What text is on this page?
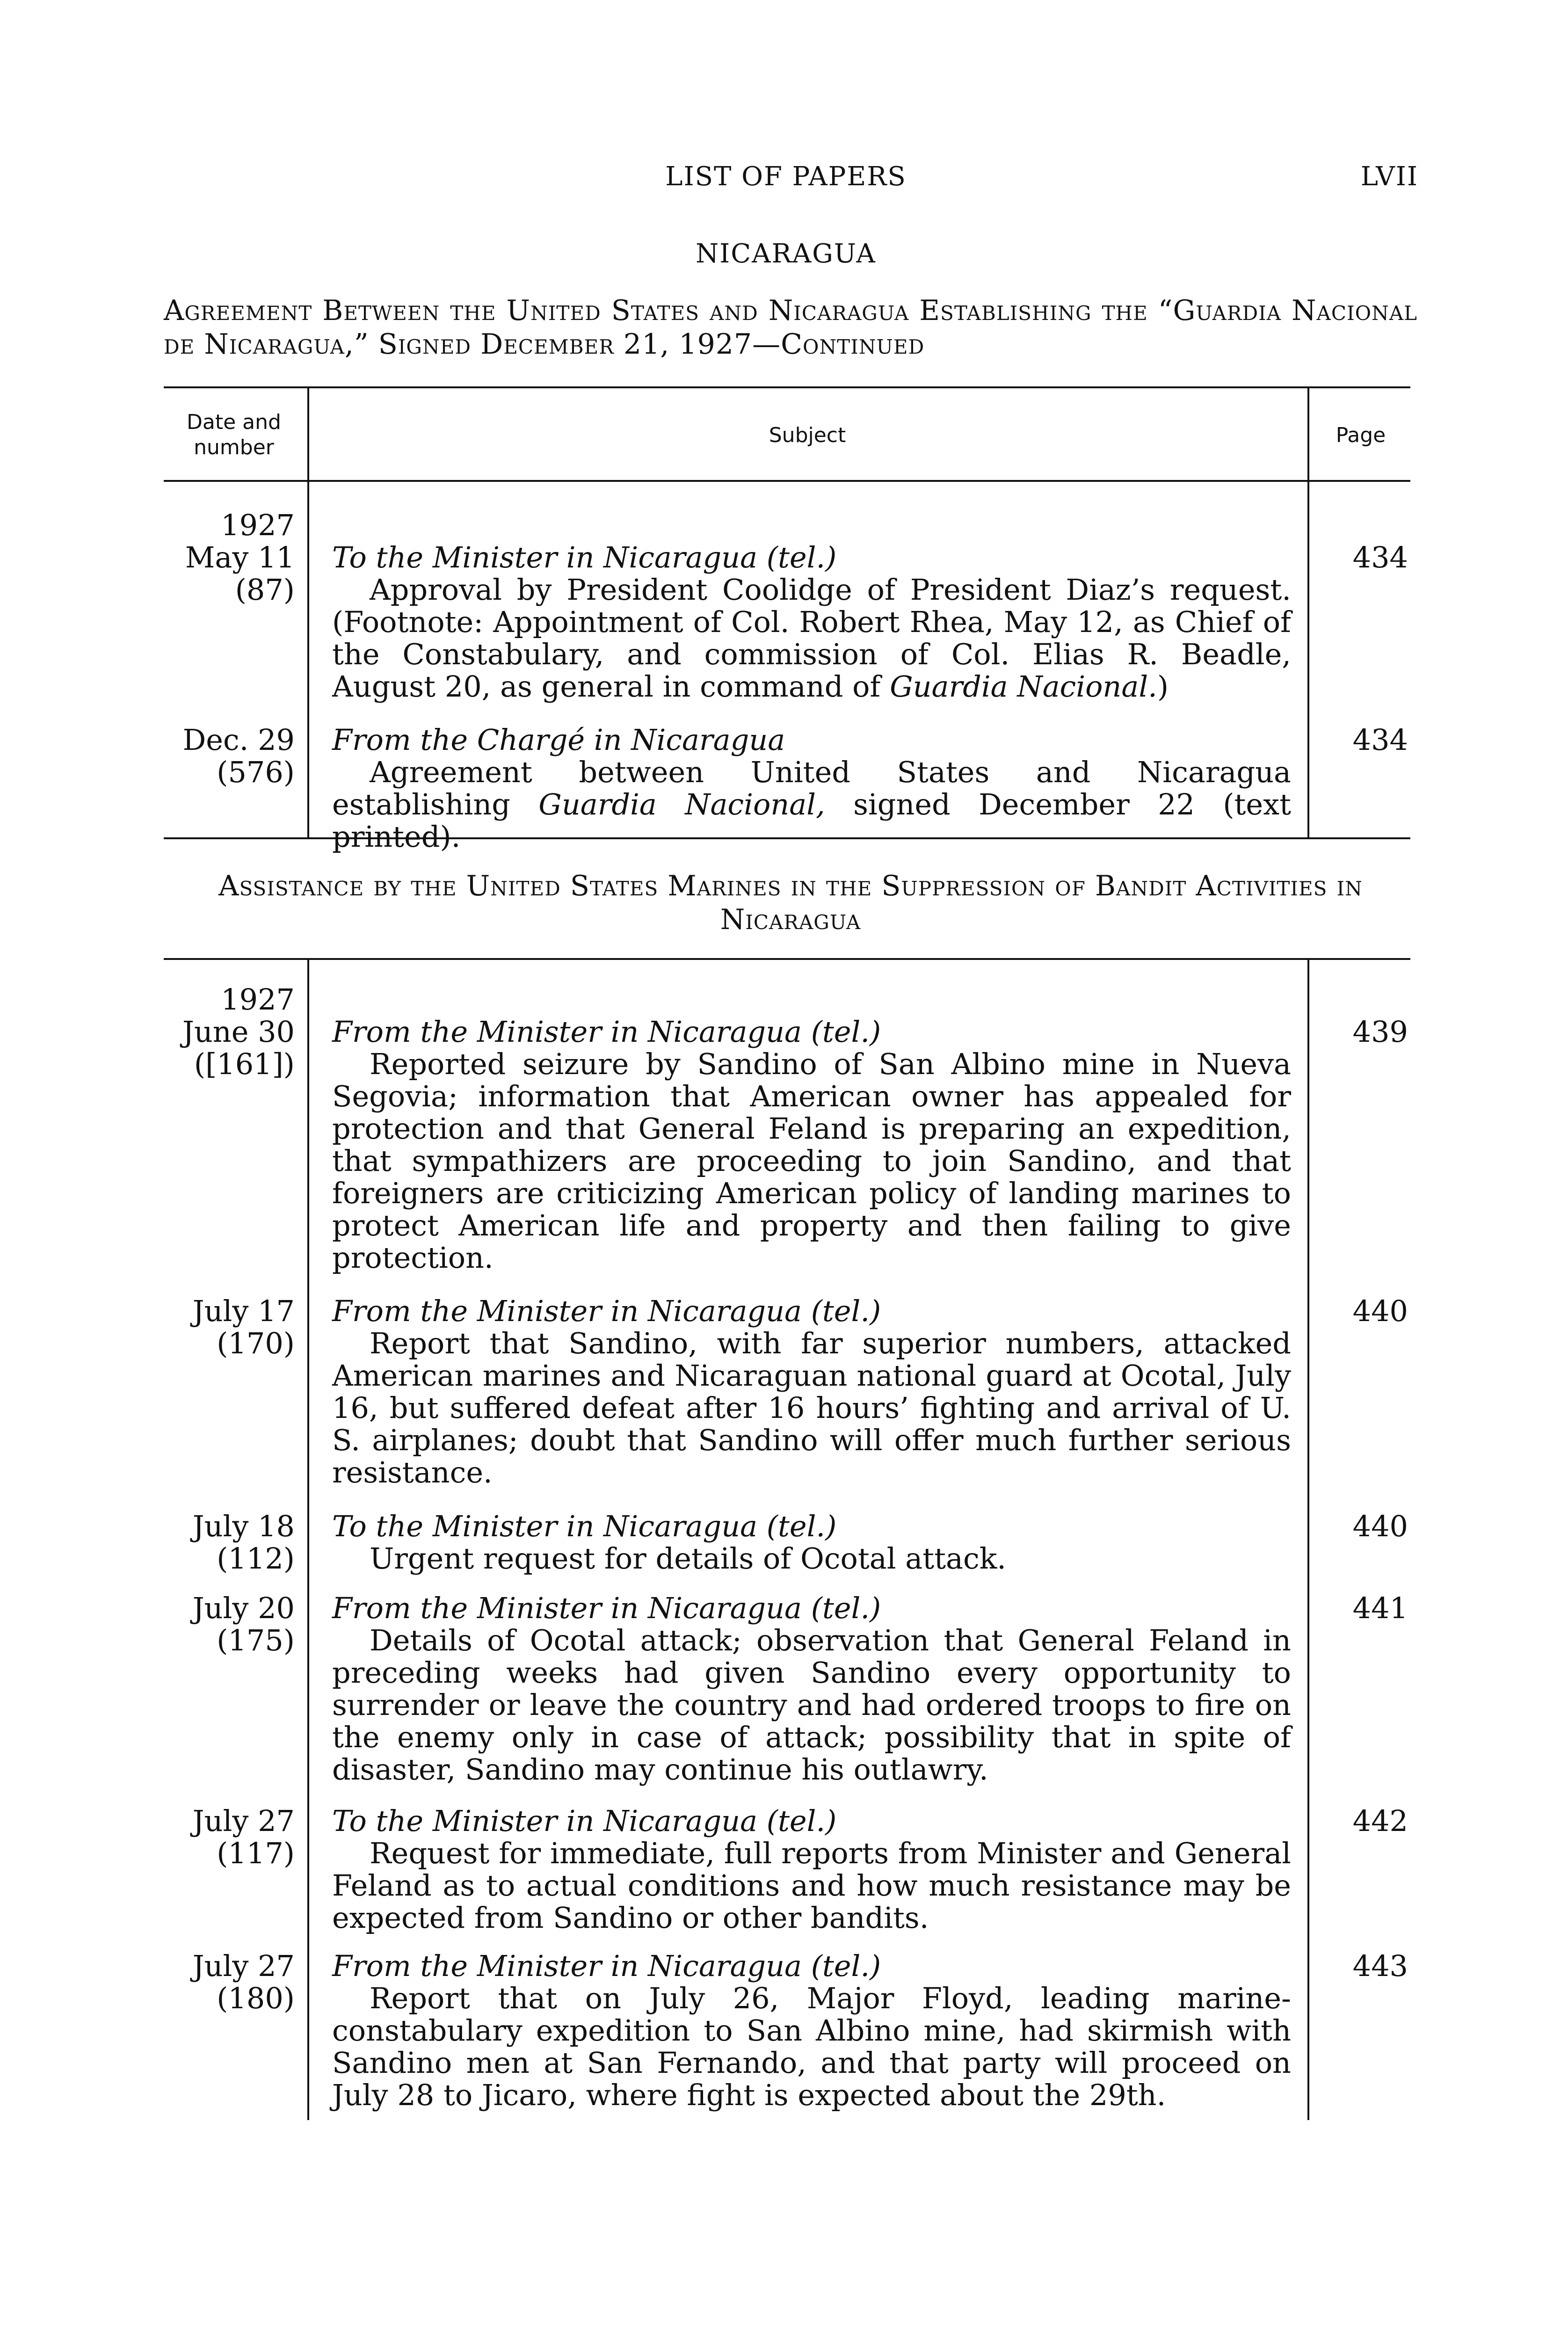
LIST OF PAPERS	LVII
NICARAGUA
Agreement Between the United States and Nicaragua Establishing the “Guardia Nacional de Nicaragua,” Signed December 21, 1927—Continued
Date and number
Subject	Page
1927
May 11
(87)
To the Minister in Nicaragua (tel.)
Approval by President Coolidge of President Diaz’s request. (Footnote: Appointment of Col. Robert Rhea, May 12, as Chief of the Constabulary, and commission of Col. Elias R. Beadle, August 20, as general in command of Guardia Nacional.)
434
Dec. 29
(576)
From the Chargé in Nicaragua
Agreement between United States and Nicaragua establishing Guardia Nacional, signed December 22 (text printed).
434
Assistance by the United States Marines in the Suppression of Bandit Activities in Nicaragua
1927
June 30
([161])
From the Minister in Nicaragua (tel.)
Reported seizure by Sandino of San Albino mine in Nueva Segovia; information that American owner has appealed for protection and that General Feland is preparing an expedition, that sympathizers are proceeding to join Sandino, and that foreigners are criticizing American policy of landing marines to protect American life and property and then failing to give protection.
439
July 17
(170)
From the Minister in Nicaragua (tel.)
Report that Sandino, with far superior numbers, attacked American marines and Nicaraguan national guard at Ocotal, July 16, but suffered defeat after 16 hours’ fighting and arrival of U. S. airplanes; doubt that Sandino will offer much further serious resistance.
440
July 18
(112)
To the Minister in Nicaragua (tel.)
Urgent request for details of Ocotal attack.
440
July 20
(175)
From the Minister in Nicaragua (tel.)
Details of Ocotal attack; observation that General Feland in preceding weeks had given Sandino every opportunity to surrender or leave the country and had ordered troops to fire on the enemy only in case of attack; possibility that in spite of disaster, Sandino may continue his outlawry.
441
July 27
(117)
To the Minister in Nicaragua (tel.)
Request for immediate, full reports from Minister and General Feland as to actual conditions and how much resistance may be expected from Sandino or other bandits.
442
July 27
(180)
From the Minister in Nicaragua (tel.)
Report that on July 26, Major Floyd, leading marine-constabulary expedition to San Albino mine, had skirmish with Sandino men at San Fernando, and that party will proceed on July 28 to Jicaro, where fight is expected about the 29th.
443
